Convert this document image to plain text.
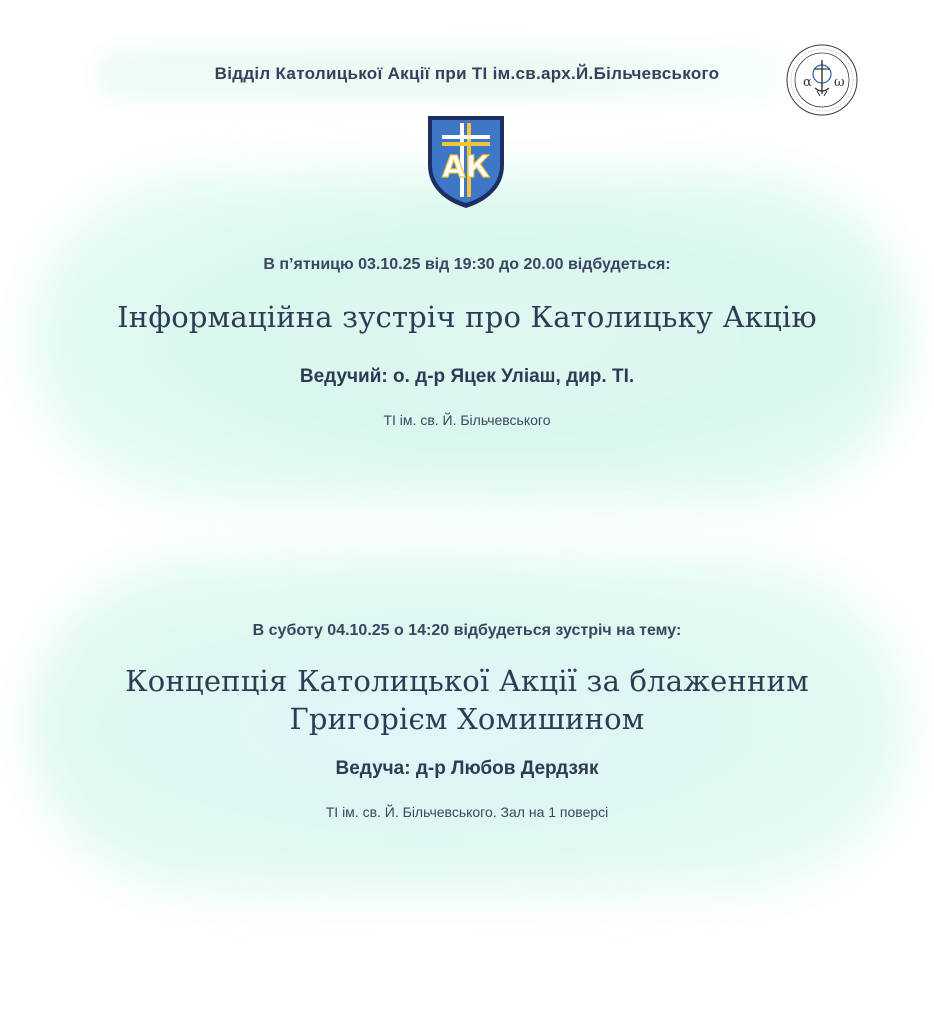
Відділ Католицької Акції при ТІ ім.св.арх.Й.Більчевського	α ω
АК
В п’ятницю 03.10.25 від 19:30 до 20.00 відбудеться:
Інформаційна зустріч про Католицьку Акцію
Ведучий: о. д-р Яцек Уліаш, дир. ТІ.
ТІ ім. св. Й. Більчевського
В суботу 04.10.25 о 14:20 відбудеться зустріч на тему:
Концепція Католицької Акції за блаженним
Григорієм Хомишином
Ведуча: д-р Любов Дердзяк
ТІ ім. св. Й. Більчевського. Зал на 1 поверсі
